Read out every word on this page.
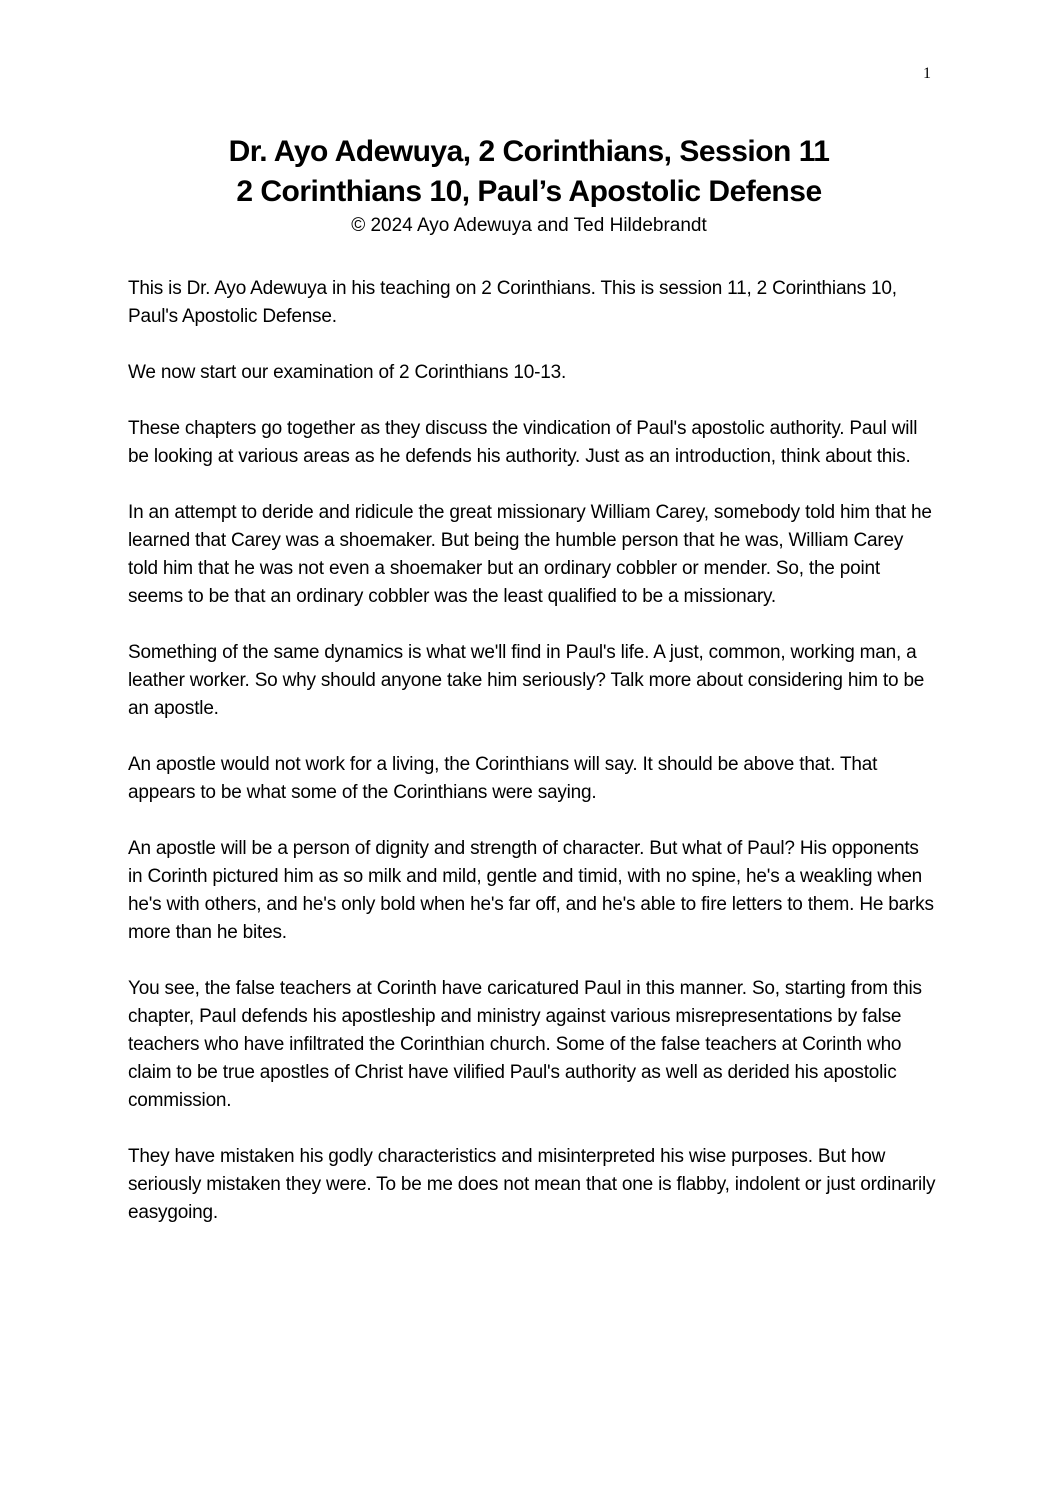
1
Dr. Ayo Adewuya, 2 Corinthians, Session 11
2 Corinthians 10, Paul’s Apostolic Defense

© 2024 Ayo Adewuya and Ted Hildebrandt

This is Dr. Ayo Adewuya in his teaching on 2 Corinthians. This is session 11, 2 Corinthians 10, Paul's Apostolic Defense.

We now start our examination of 2 Corinthians 10-13.

These chapters go together as they discuss the vindication of Paul's apostolic authority. Paul will be looking at various areas as he defends his authority. Just as an introduction, think about this.

In an attempt to deride and ridicule the great missionary William Carey, somebody told him that he learned that Carey was a shoemaker. But being the humble person that he was, William Carey told him that he was not even a shoemaker but an ordinary cobbler or mender. So, the point seems to be that an ordinary cobbler was the least qualified to be a missionary.

Something of the same dynamics is what we'll find in Paul's life. A just, common, working man, a leather worker. So why should anyone take him seriously? Talk more about considering him to be an apostle.

An apostle would not work for a living, the Corinthians will say. It should be above that. That appears to be what some of the Corinthians were saying.

An apostle will be a person of dignity and strength of character. But what of Paul? His opponents in Corinth pictured him as so milk and mild, gentle and timid, with no spine, he's a weakling when he's with others, and he's only bold when he's far off, and he's able to fire letters to them. He barks more than he bites.

You see, the false teachers at Corinth have caricatured Paul in this manner. So, starting from this chapter, Paul defends his apostleship and ministry against various misrepresentations by false teachers who have infiltrated the Corinthian church. Some of the false teachers at Corinth who claim to be true apostles of Christ have vilified Paul's authority as well as derided his apostolic commission.

They have mistaken his godly characteristics and misinterpreted his wise purposes. But how seriously mistaken they were. To be me does not mean that one is flabby, indolent or just ordinarily easygoing.
